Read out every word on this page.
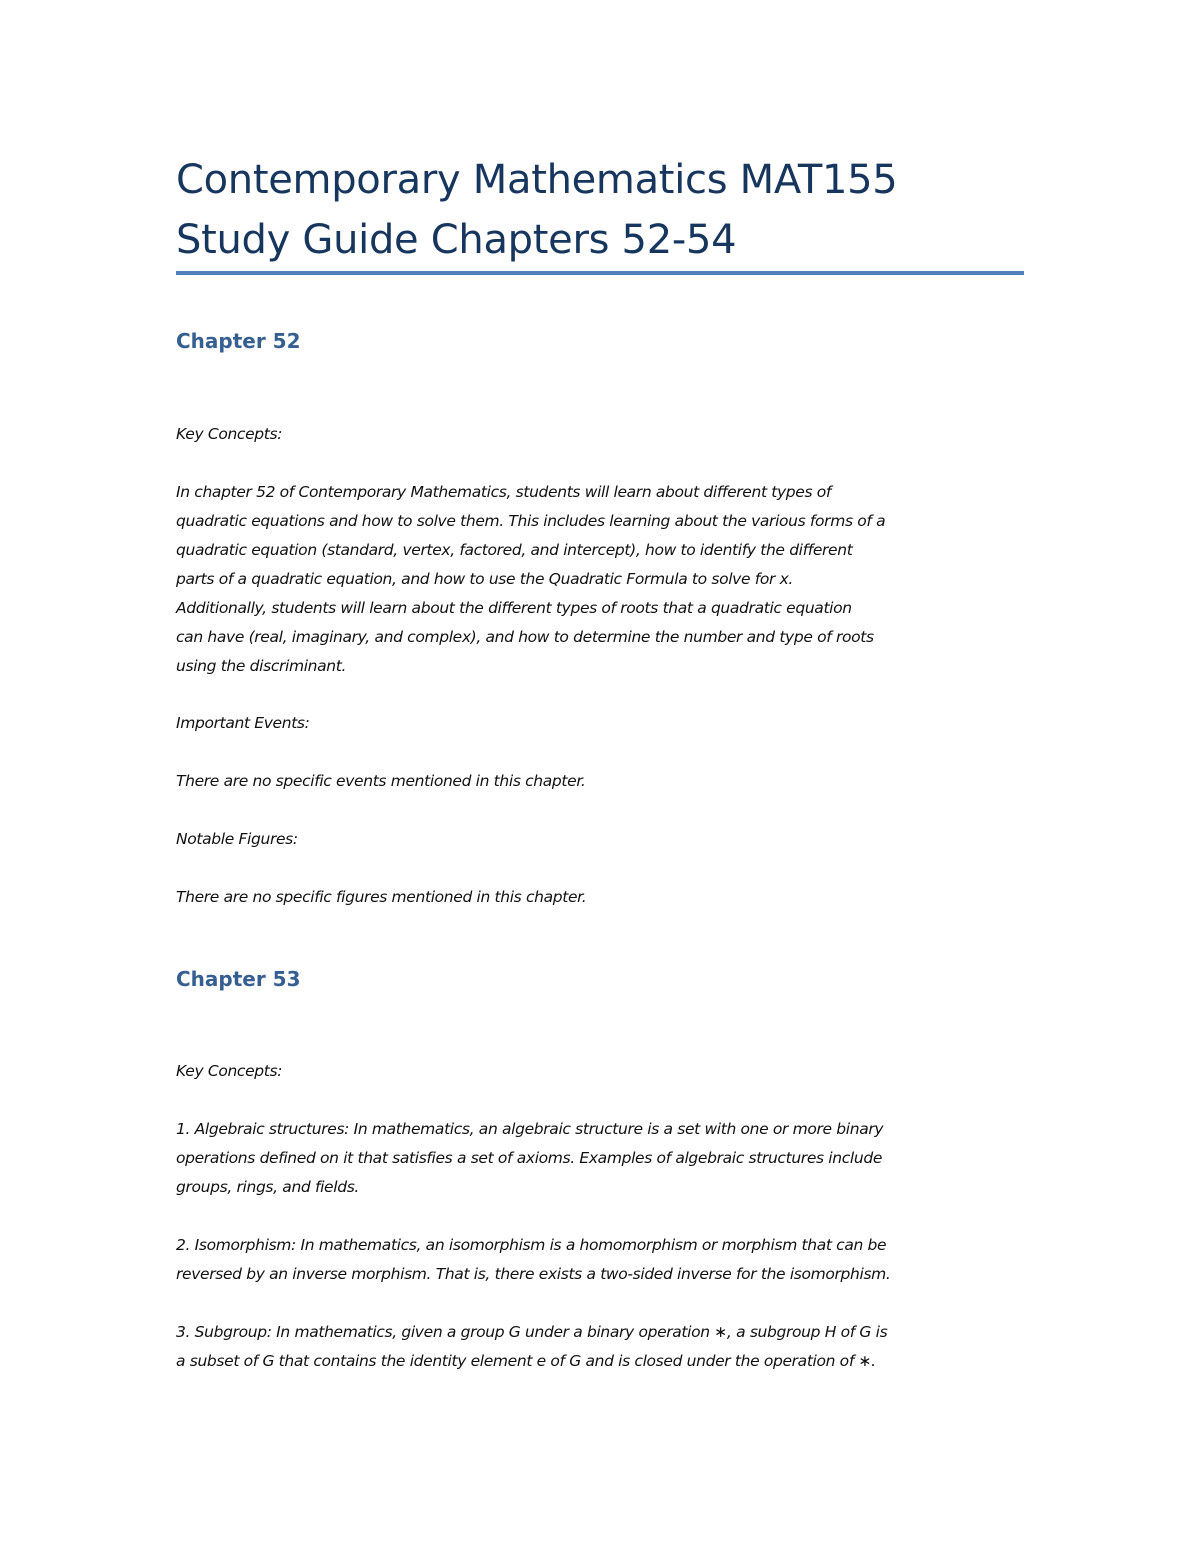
Contemporary Mathematics MAT155
Study Guide Chapters 52-54
Chapter 52

Key Concepts:

In chapter 52 of Contemporary Mathematics, students will learn about different types of
quadratic equations and how to solve them. This includes learning about the various forms of a
quadratic equation (standard, vertex, factored, and intercept), how to identify the different
parts of a quadratic equation, and how to use the Quadratic Formula to solve for x.
Additionally, students will learn about the different types of roots that a quadratic equation
can have (real, imaginary, and complex), and how to determine the number and type of roots
using the discriminant.

Important Events:

There are no specific events mentioned in this chapter.

Notable Figures:

There are no specific figures mentioned in this chapter.

Chapter 53

Key Concepts:

1. Algebraic structures: In mathematics, an algebraic structure is a set with one or more binary
operations defined on it that satisfies a set of axioms. Examples of algebraic structures include
groups, rings, and fields.

2. Isomorphism: In mathematics, an isomorphism is a homomorphism or morphism that can be
reversed by an inverse morphism. That is, there exists a two-sided inverse for the isomorphism.

3. Subgroup: In mathematics, given a group G under a binary operation ∗, a subgroup H of G is
a subset of G that contains the identity element e of G and is closed under the operation of ∗.
